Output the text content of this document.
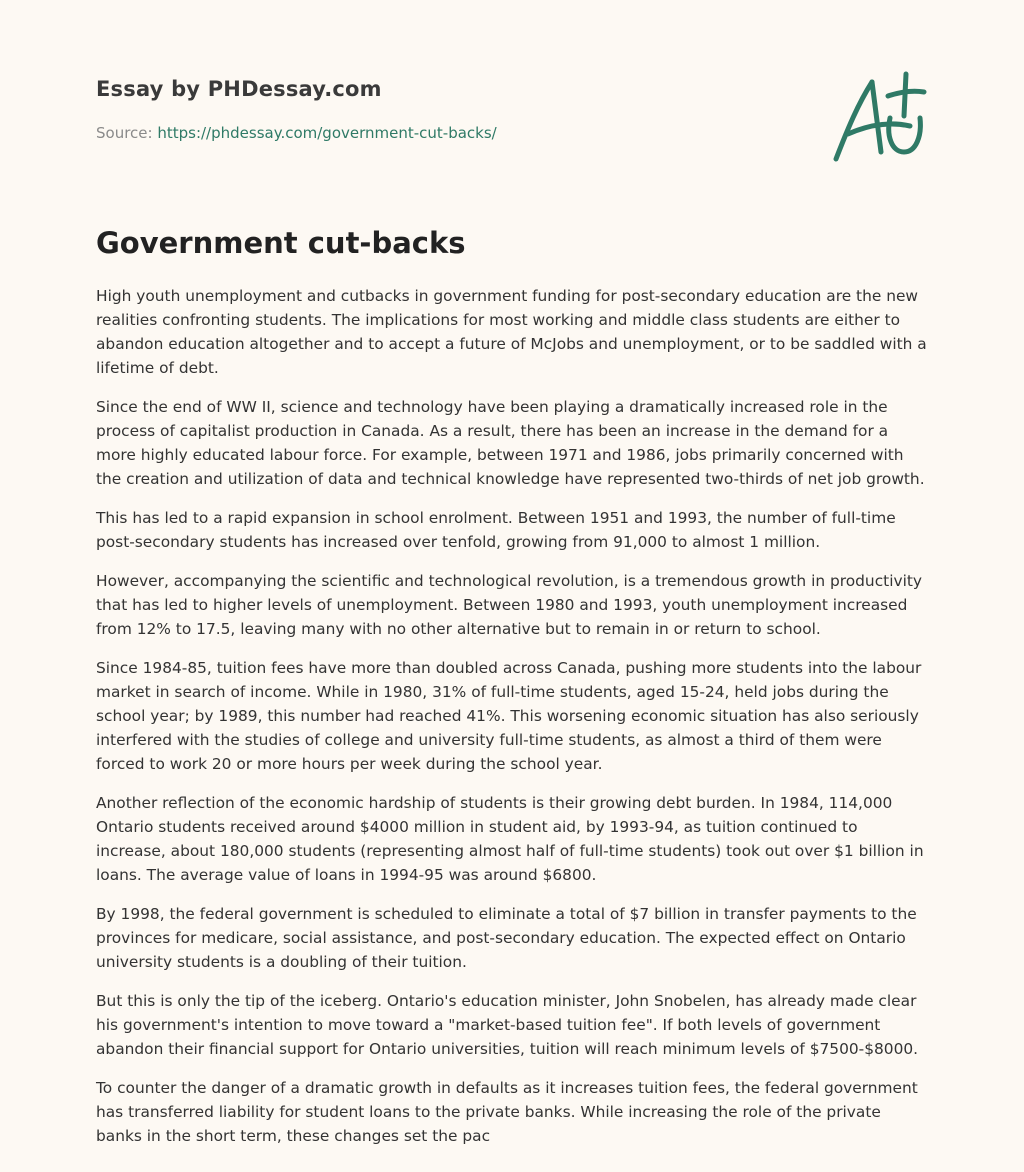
Essay by PHDessay.com
Source: https://phdessay.com/government-cut-backs/
Government cut-backs

High youth unemployment and cutbacks in government funding for post-secondary education are the new realities confronting students. The implications for most working and middle class students are either to abandon education altogether and to accept a future of McJobs and unemployment, or to be saddled with a lifetime of debt.

Since the end of WW II, science and technology have been playing a dramatically increased role in the process of capitalist production in Canada. As a result, there has been an increase in the demand for a more highly educated labour force. For example, between 1971 and 1986, jobs primarily concerned with the creation and utilization of data and technical knowledge have represented two-thirds of net job growth.

This has led to a rapid expansion in school enrolment. Between 1951 and 1993, the number of full-time post-secondary students has increased over tenfold, growing from 91,000 to almost 1 million.

However, accompanying the scientific and technological revolution, is a tremendous growth in productivity that has led to higher levels of unemployment. Between 1980 and 1993, youth unemployment increased from 12% to 17.5, leaving many with no other alternative but to remain in or return to school.

Since 1984-85, tuition fees have more than doubled across Canada, pushing more students into the labour market in search of income. While in 1980, 31% of full-time students, aged 15-24, held jobs during the school year; by 1989, this number had reached 41%. This worsening economic situation has also seriously interfered with the studies of college and university full-time students, as almost a third of them were forced to work 20 or more hours per week during the school year.

Another reflection of the economic hardship of students is their growing debt burden. In 1984, 114,000 Ontario students received around $4000 million in student aid, by 1993-94, as tuition continued to increase, about 180,000 students (representing almost half of full-time students) took out over $1 billion in loans. The average value of loans in 1994-95 was around $6800.

By 1998, the federal government is scheduled to eliminate a total of $7 billion in transfer payments to the provinces for medicare, social assistance, and post-secondary education. The expected effect on Ontario university students is a doubling of their tuition.

But this is only the tip of the iceberg. Ontario's education minister, John Snobelen, has already made clear his government's intention to move toward a "market-based tuition fee". If both levels of government abandon their financial support for Ontario universities, tuition will reach minimum levels of $7500-$8000.

To counter the danger of a dramatic growth in defaults as it increases tuition fees, the federal government has transferred liability for student loans to the private banks. While increasing the role of the private banks in the short term, these changes set the pac
